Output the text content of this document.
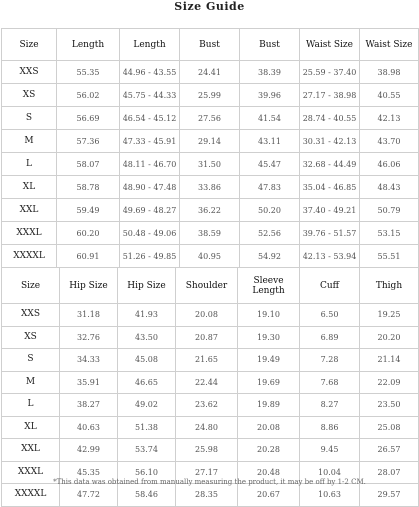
Size Guide
Size	Length	Length	Bust	Bust	Waist Size	Waist Size
XXS	55.35	44.96 - 43.55	24.41	38.39	25.59 - 37.40	38.98
XS	56.02	45.75 - 44.33	25.99	39.96	27.17 - 38.98	40.55
S	56.69	46.54 - 45.12	27.56	41.54	28.74 - 40.55	42.13
M	57.36	47.33 - 45.91	29.14	43.11	30.31 - 42.13	43.70
L	58.07	48.11 - 46.70	31.50	45.47	32.68 - 44.49	46.06
XL	58.78	48.90 - 47.48	33.86	47.83	35.04 - 46.85	48.43
XXL	59.49	49.69 - 48.27	36.22	50.20	37.40 - 49.21	50.79
XXXL	60.20	50.48 - 49.06	38.59	52.56	39.76 - 51.57	53.15
XXXXL	60.91	51.26 - 49.85	40.95	54.92	42.13 - 53.94	55.51
Size	Hip Size	Hip Size	Shoulder	Sleeve Length	Cuff	Thigh
XXS	31.18	41.93	20.08	19.10	6.50	19.25
XS	32.76	43.50	20.87	19.30	6.89	20.20
S	34.33	45.08	21.65	19.49	7.28	21.14
M	35.91	46.65	22.44	19.69	7.68	22.09
L	38.27	49.02	23.62	19.89	8.27	23.50
XL	40.63	51.38	24.80	20.08	8.86	25.08
XXL	42.99	53.74	25.98	20.28	9.45	26.57
XXXL	45.35	56.10	27.17	20.48	10.04	28.07
XXXXL	47.72	58.46	28.35	20.67	10.63	29.57
*This data was obtained from manually measuring the product, it may be off by 1-2 CM.
